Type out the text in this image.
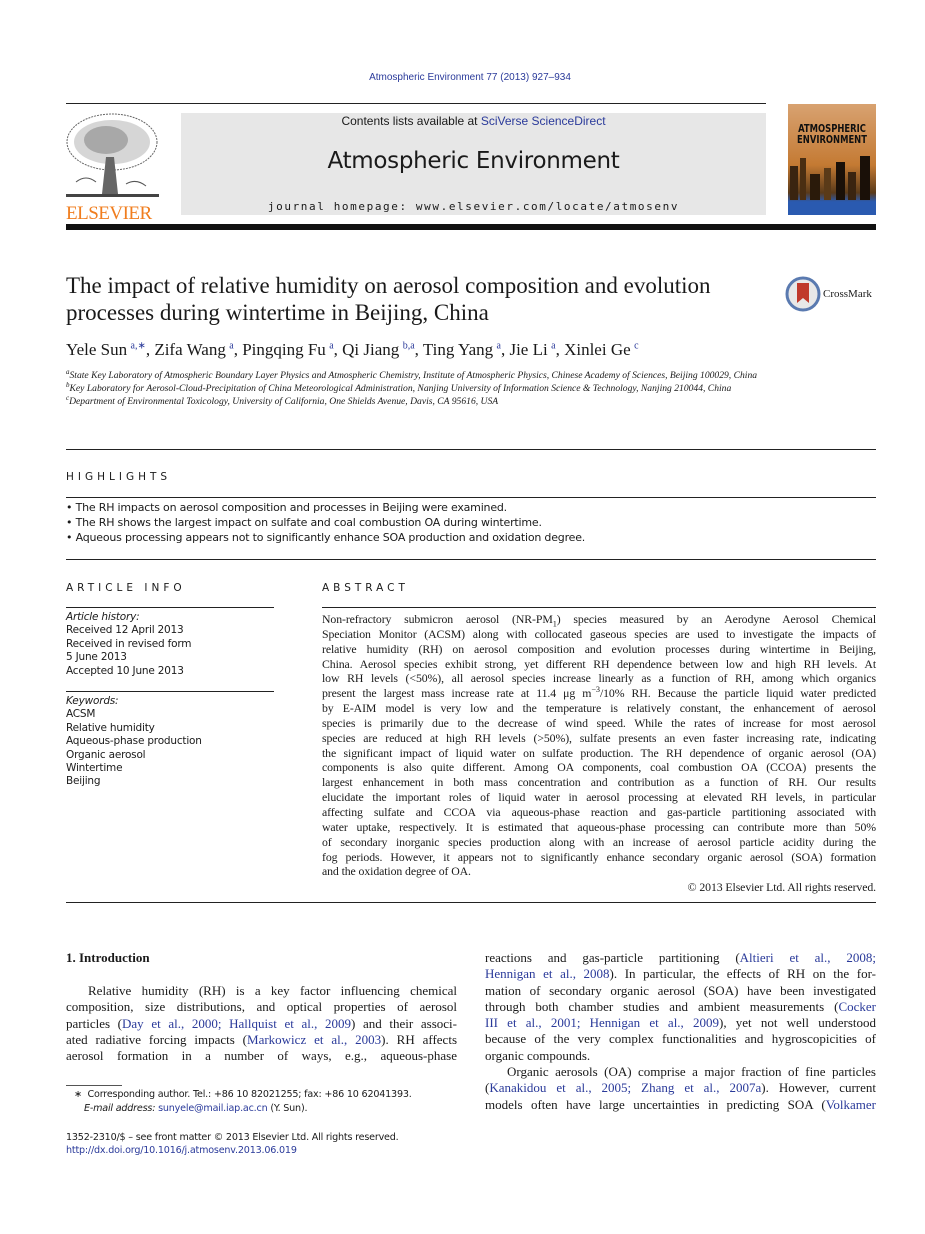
Atmospheric Environment 77 (2013) 927–934
ELSEVIER
Contents lists available at SciVerse ScienceDirect
Atmospheric Environment
journal homepage: www.elsevier.com/locate/atmosenv
ATMOSPHERIC ENVIRONMENT
The impact of relative humidity on aerosol composition and evolution processes during wintertime in Beijing, China
Yele Sun  $^{a,∗}$, Zifa Wang  $^a$, Pingqing Fu  $^a$, Qi Jiang  $^{b,a}$, Ting Yang  $^a$, Jie Li  $^a$, Xinlei Ge  $^c$
$^a$State Key Laboratory of Atmospheric Boundary Layer Physics and Atmospheric Chemistry, Institute of Atmospheric Physics, Chinese Academy of Sciences, Beijing 100029, China
$^b$Key Laboratory for Aerosol-Cloud-Precipitation of China Meteorological Administration, Nanjing University of Information Science & Technology, Nanjing 210044, China
$^c$Department of Environmental Toxicology, University of California, One Shields Avenue, Davis, CA 95616, USA
CrossMark
HIGHLIGHTS
• The RH impacts on aerosol composition and processes in Beijing were examined.
• The RH shows the largest impact on sulfate and coal combustion OA during wintertime.
• Aqueous processing appears not to significantly enhance SOA production and oxidation degree.
ARTICLE INFO	ABSTRACT
Article history:
Received 12 April 2013
Received in revised form
5 June 2013
Accepted 10 June 2013
Keywords:
ACSM
Relative humidity
Aqueous-phase production
Organic aerosol
Wintertime
Beijing
Non-refractory submicron aerosol $(NR-PM_1)$ species measured by an Aerodyne Aerosol Chemical
Speciation Monitor (ACSM) along with collocated gaseous species are used to investigate the impacts of
relative humidity (RH) on aerosol composition and evolution processes during wintertime in Beijing,
China. Aerosol species exhibit strong, yet different RH dependence between low and high RH levels. At
low RH levels (<50%), all aerosol species increase linearly as a function of RH, among which organics
present the largest mass increase rate at 11.4 μg $m^{-3}/10\%$ RH. Because the particle liquid water predicted
by E-AIM model is very low and the temperature is relatively constant, the enhancement of aerosol
species is primarily due to the decrease of wind speed. While the rates of increase for most aerosol
species are reduced at high RH levels (>50%), sulfate presents an even faster increasing rate, indicating
the significant impact of liquid water on sulfate production. The RH dependence of organic aerosol (OA)
components is also quite different. Among OA components, coal combustion OA (CCOA) presents the
largest enhancement in both mass concentration and contribution as a function of RH. Our results
elucidate the important roles of liquid water in aerosol processing at elevated RH levels, in particular
affecting sulfate and CCOA via aqueous-phase reaction and gas-particle partitioning associated with
water uptake, respectively. It is estimated that aqueous-phase processing can contribute more than 50%
of secondary inorganic species production along with an increase of aerosol particle acidity during the
fog periods. However, it appears not to significantly enhance secondary organic aerosol (SOA) formation
and the oxidation degree of OA.
© 2013 Elsevier Ltd. All rights reserved.
1. Introduction
Relative humidity (RH) is a key factor influencing chemical
composition, size distributions, and optical properties of aerosol
particles (Day et al., 2000; Hallquist et al., 2009) and their associ-
ated radiative forcing impacts (Markowicz et al., 2003). RH affects
aerosol formation in a number of ways, e.g., aqueous-phase
reactions and gas-particle partitioning (Altieri et al., 2008;
Hennigan et al., 2008). In particular, the effects of RH on the for-
mation of secondary organic aerosol (SOA) have been investigated
through both chamber studies and ambient measurements (Cocker
III et al., 2001; Hennigan et al., 2009), yet not well understood
because of the very complex functionalities and hygroscopicities of
organic compounds.
Organic aerosols (OA) comprise a major fraction of fine particles
(Kanakidou et al., 2005; Zhang et al., 2007a). However, current
models often have large uncertainties in predicting SOA (Volkamer
∗ Corresponding author. Tel.: +86 10 82021255; fax: +86 10 62041393.
E-mail address: sunyele@mail.iap.ac.cn (Y. Sun).
1352-2310/$ – see front matter © 2013 Elsevier Ltd. All rights reserved.
http://dx.doi.org/10.1016/j.atmosenv.2013.06.019
